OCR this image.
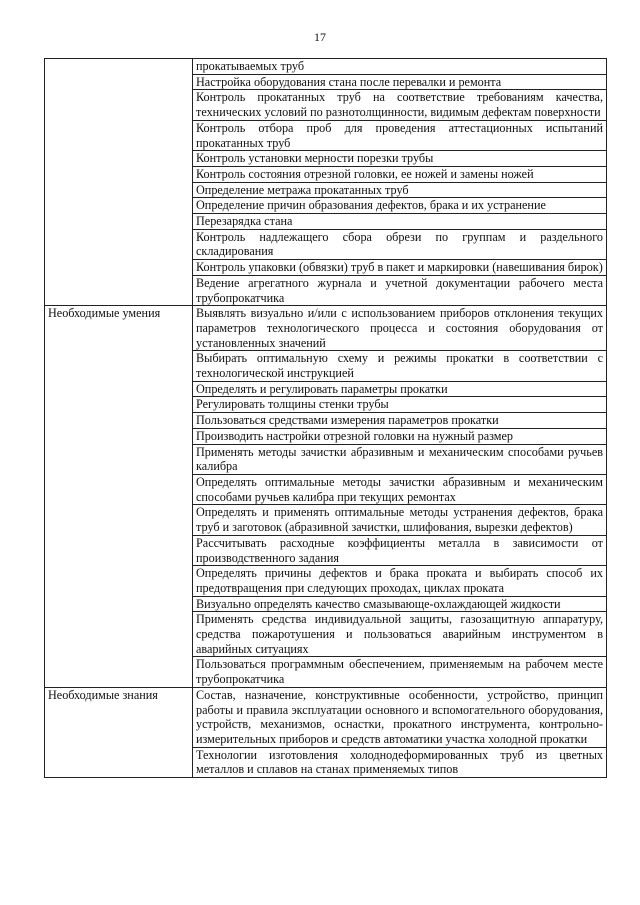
17
	прокатываемых труб
	Настройка оборудования стана после перевалки и ремонта
	Контроль прокатанных труб на соответствие требованиям качества, технических условий по разнотолщинности, видимым дефектам поверхности
	Контроль отбора проб для проведения аттестационных испытаний прокатанных труб
	Контроль установки мерности порезки трубы
	Контроль состояния отрезной головки, ее ножей и замены ножей
	Определение метража прокатанных труб
	Определение причин образования дефектов, брака и их устранение
	Перезарядка стана
	Контроль надлежащего сбора обрези по группам и раздельного складирования
	Контроль упаковки (обвязки) труб в пакет и маркировки (навешивания бирок)
	Ведение агрегатного журнала и учетной документации рабочего места трубопрокатчика
Необходимые умения	Выявлять визуально и/или с использованием приборов отклонения текущих параметров технологического процесса и состояния оборудования от установленных значений
	Выбирать оптимальную схему и режимы прокатки в соответствии с технологической инструкцией
	Определять и регулировать параметры прокатки
	Регулировать толщины стенки трубы
	Пользоваться средствами измерения параметров прокатки
	Производить настройки отрезной головки на нужный размер
	Применять методы зачистки абразивным и механическим способами ручьев калибра
	Определять оптимальные методы зачистки абразивным и механическим способами ручьев калибра при текущих ремонтах
	Определять и применять оптимальные методы устранения дефектов, брака труб и заготовок (абразивной зачистки, шлифования, вырезки дефектов)
	Рассчитывать расходные коэффициенты металла в зависимости от производственного задания
	Определять причины дефектов и брака проката и выбирать способ их предотвращения при следующих проходах, циклах проката
	Визуально определять качество смазывающе-охлаждающей жидкости
	Применять средства индивидуальной защиты, газозащитную аппаратуру, средства пожаротушения и пользоваться аварийным инструментом в аварийных ситуациях
	Пользоваться программным обеспечением, применяемым на рабочем месте трубопрокатчика
Необходимые знания	Состав, назначение, конструктивные особенности, устройство, принцип работы и правила эксплуатации основного и вспомогательного оборудования, устройств, механизмов, оснастки, прокатного инструмента, контрольно-измерительных приборов и средств автоматики участка холодной прокатки
	Технологии изготовления холоднодеформированных труб из цветных металлов и сплавов на станах применяемых типов
